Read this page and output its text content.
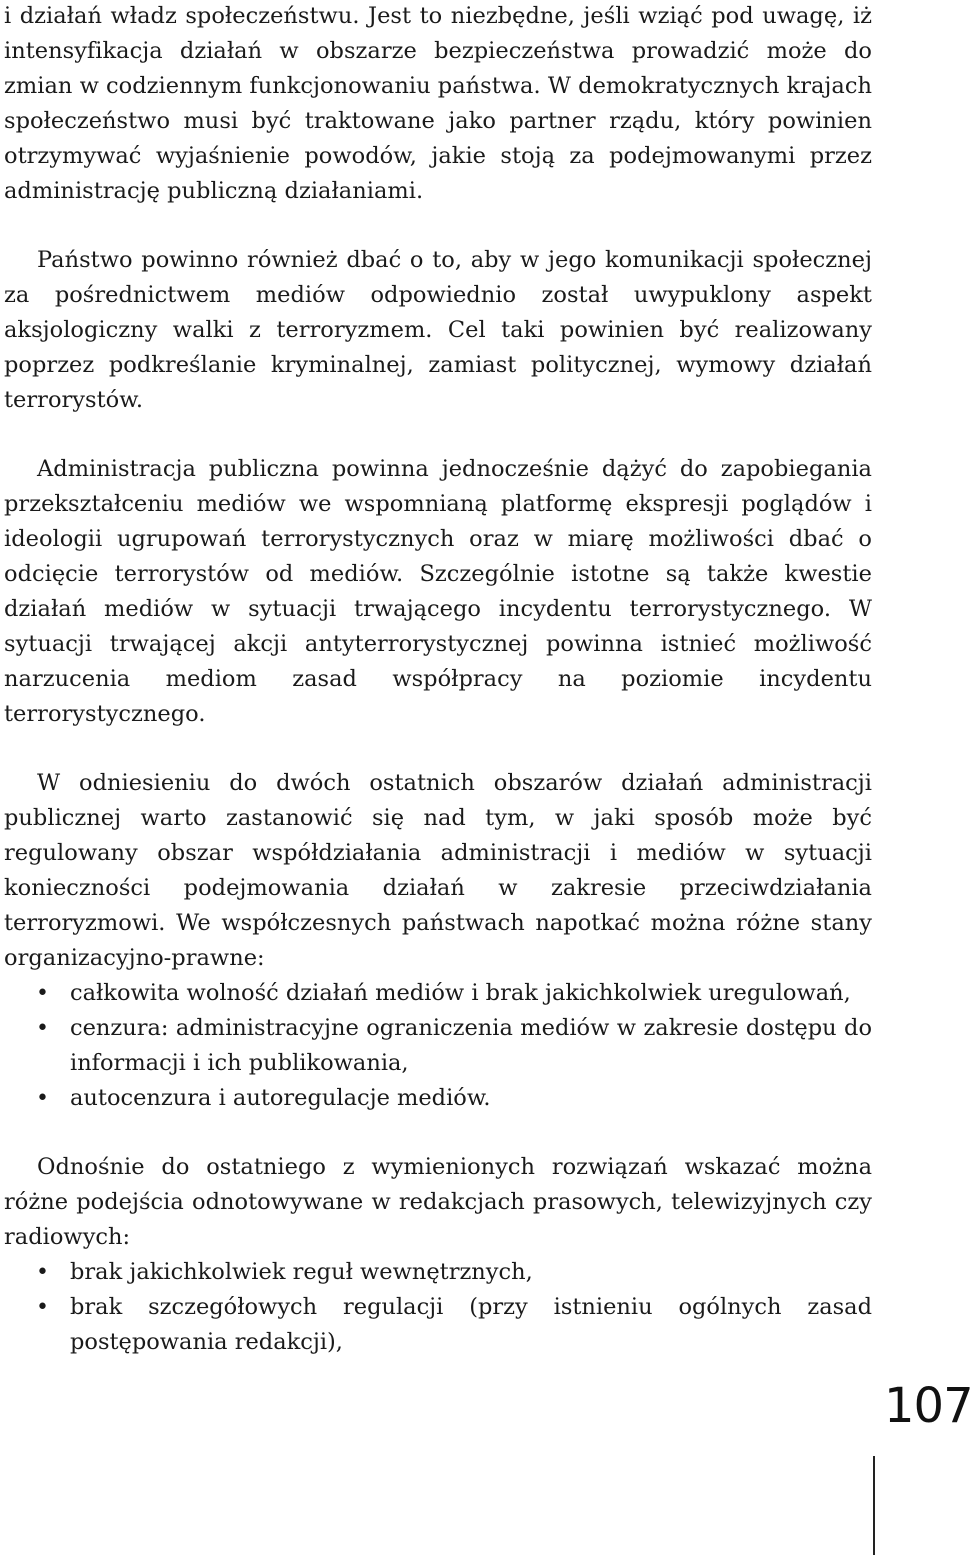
i działań władz społeczeństwu. Jest to niezbędne, jeśli wziąć pod uwagę, iż intensyfikacja działań w obszarze bezpieczeństwa prowadzić może do zmian w codziennym funkcjonowaniu państwa. W demokratycznych krajach społeczeństwo musi być traktowane jako partner rządu, który powinien otrzymywać wyjaśnienie powodów, jakie stoją za podejmowanymi przez administrację publiczną działaniami.

Państwo powinno również dbać o to, aby w jego komunikacji społecznej za pośrednictwem mediów odpowiednio został uwypuklony aspekt aksjologiczny walki z terroryzmem. Cel taki powinien być realizowany poprzez podkreślanie kryminalnej, zamiast politycznej, wymowy działań terrorystów.

Administracja publiczna powinna jednocześnie dążyć do zapobiegania przekształceniu mediów we wspomnianą platformę ekspresji poglądów i ideologii ugrupowań terrorystycznych oraz w miarę możliwości dbać o odcięcie terrorystów od mediów. Szczególnie istotne są także kwestie działań mediów w sytuacji trwającego incydentu terrorystycznego. W sytuacji trwającej akcji antyterrorystycznej powinna istnieć możliwość narzucenia mediom zasad współpracy na poziomie incydentu terrorystycznego.

W odniesieniu do dwóch ostatnich obszarów działań administracji publicznej warto zastanowić się nad tym, w jaki sposób może być regulowany obszar współdziałania administracji i mediów w sytuacji konieczności podejmowania działań w zakresie przeciwdziałania terroryzmowi. We współczesnych państwach napotkać można różne stany organizacyjno-prawne:

• całkowita wolność działań mediów i brak jakichkolwiek uregulowań,
• cenzura: administracyjne ograniczenia mediów w zakresie dostępu do informacji i ich publikowania,
• autocenzura i autoregulacje mediów.

Odnośnie do ostatniego z wymienionych rozwiązań wskazać można różne podejścia odnotowywane w redakcjach prasowych, telewizyjnych czy radiowych:

• brak jakichkolwiek reguł wewnętrznych,
• brak szczegółowych regulacji (przy istnieniu ogólnych zasad postępowania redakcji),
107
